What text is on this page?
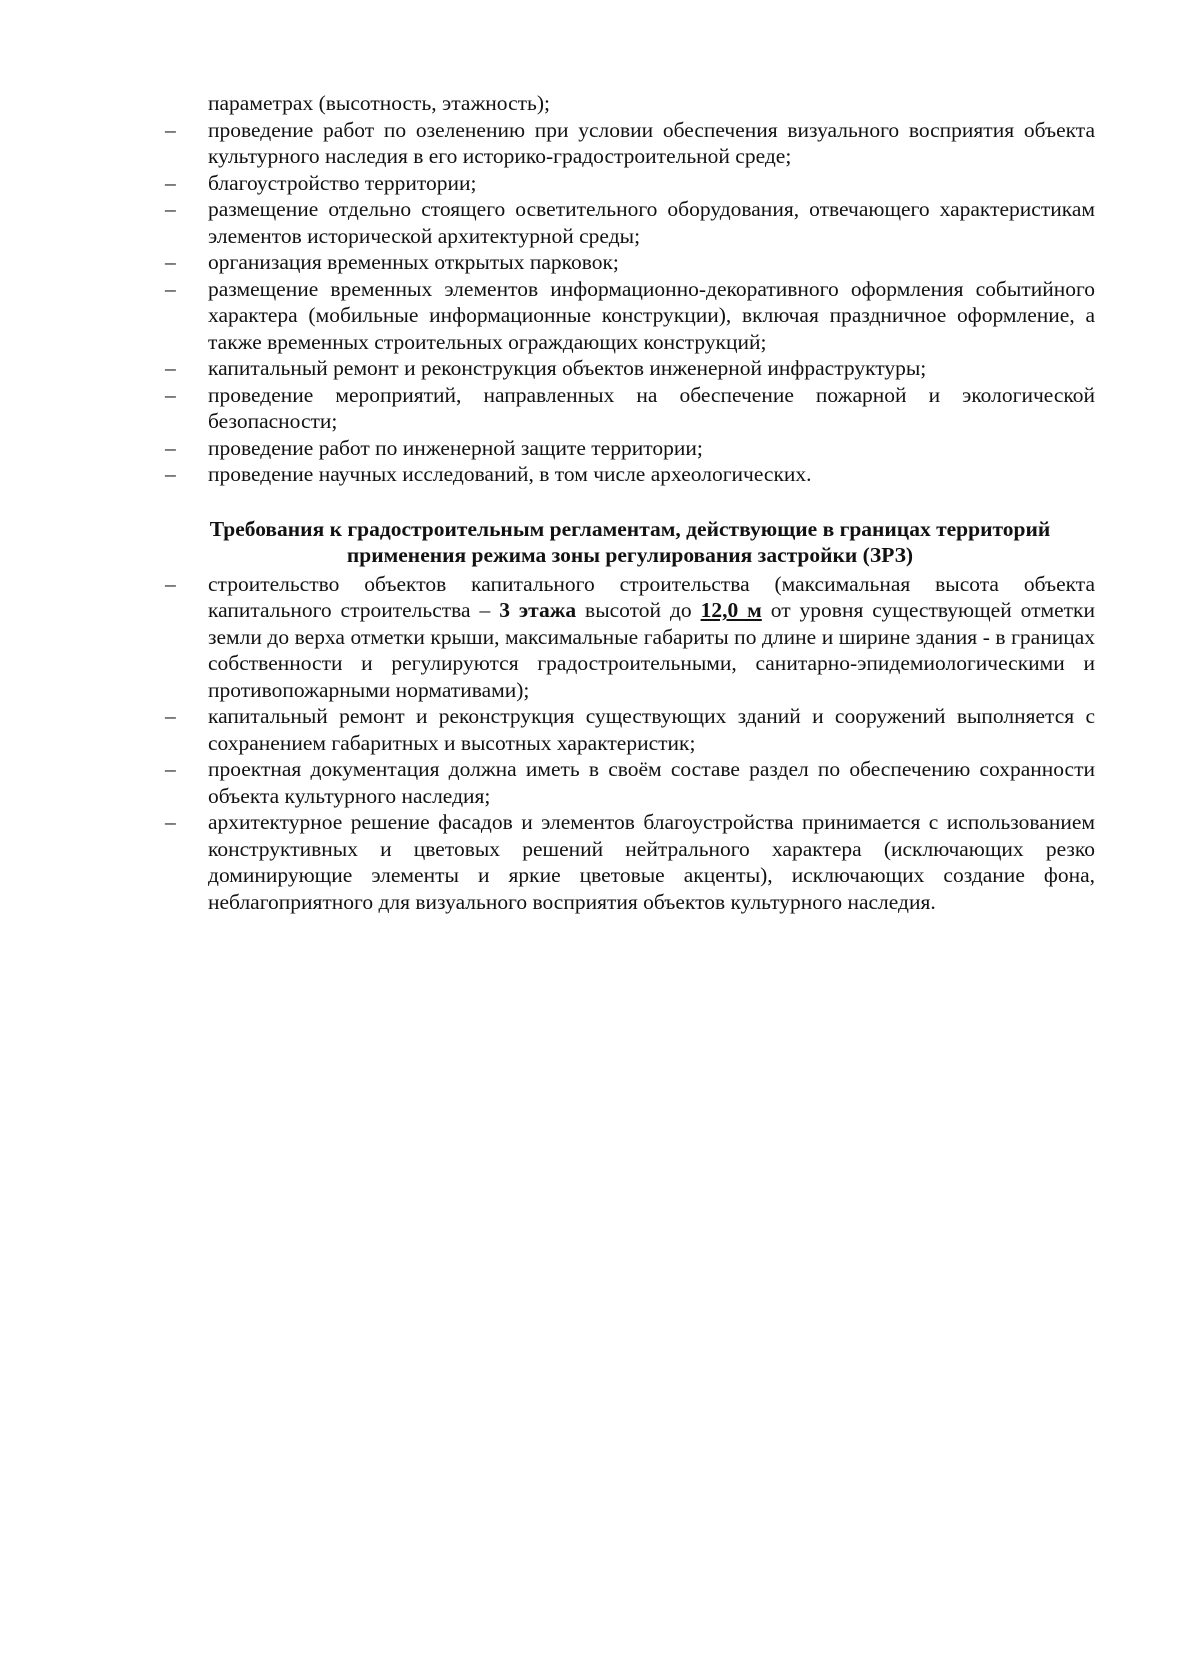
параметрах (высотность, этажность);

–	проведение работ по озеленению при условии обеспечения визуального восприятия объекта культурного наследия в его историко-градостроительной среде;
–	благоустройство территории;
–	размещение отдельно стоящего осветительного оборудования, отвечающего характеристикам элементов исторической архитектурной среды;
–	организация временных открытых парковок;
–	размещение временных элементов информационно-декоративного оформления событийного характера (мобильные информационные конструкции), включая праздничное оформление, а также временных строительных ограждающих конструкций;
–	капитальный ремонт и реконструкция объектов инженерной инфраструктуры;
–	проведение мероприятий, направленных на обеспечение пожарной и экологической безопасности;
–	проведение работ по инженерной защите территории;
–	проведение научных исследований, в том числе археологических.
Требования к градостроительным регламентам, действующие в границах территорий применения режима зоны регулирования застройки (ЗРЗ)
–	строительство объектов капитального строительства (максимальная высота объекта капитального строительства – 3 этажа высотой до 12,0 м от уровня существующей отметки земли до верха отметки крыши, максимальные габариты по длине и ширине здания - в границах собственности и регулируются градостроительными, санитарно-эпидемиологическими и противопожарными нормативами);
–	капитальный ремонт и реконструкция существующих зданий и сооружений выполняется с сохранением габаритных и высотных характеристик;
–	проектная документация должна иметь в своём составе раздел по обеспечению сохранности объекта культурного наследия;
–	архитектурное решение фасадов и элементов благоустройства принимается с использованием конструктивных и цветовых решений нейтрального характера (исключающих резко доминирующие элементы и яркие цветовые акценты), исключающих создание фона, неблагоприятного для визуального восприятия объектов культурного наследия.
